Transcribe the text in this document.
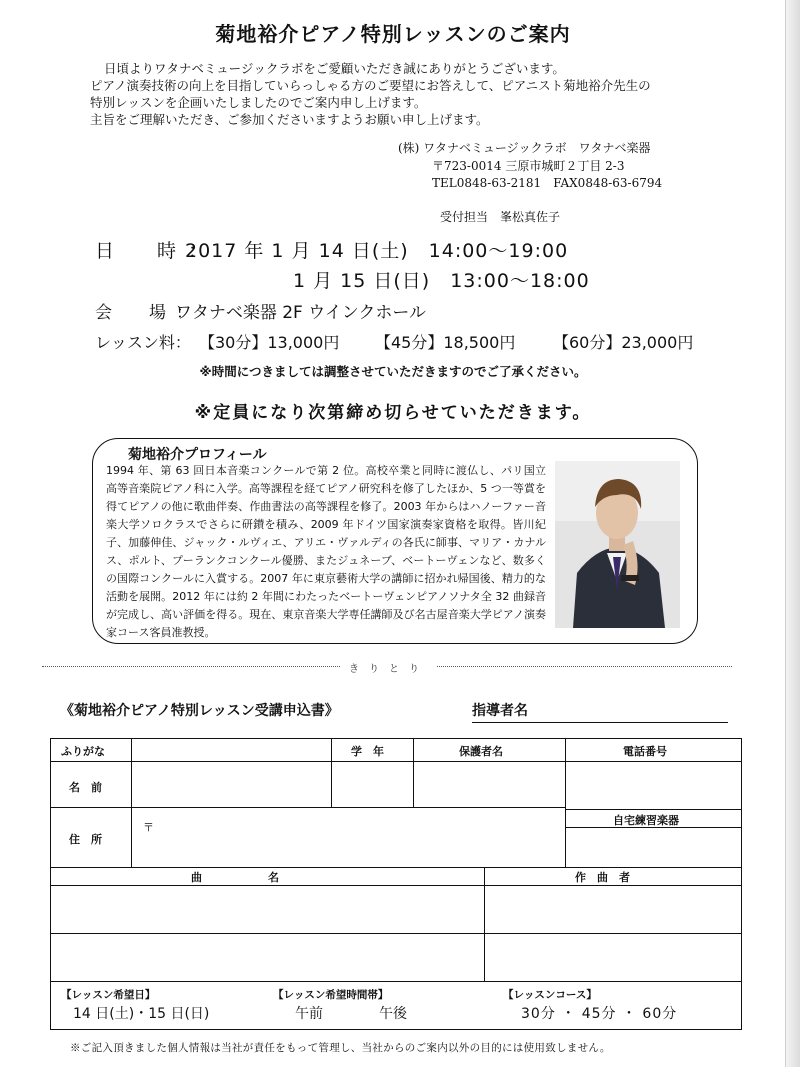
菊地裕介ピアノ特別レッスンのご案内

日頃よりワタナベミュージックラボをご愛顧いただき誠にありがとうございます。

ピアノ演奏技術の向上を目指していらっしゃる方のご要望にお答えして、ピアニスト菊地裕介先生の

特別レッスンを企画いたしましたのでご案内申し上げます。

主旨をご理解いただき、ご参加くださいますようお願い申し上げます。

(株) ワタナベミュージックラボ　ワタナベ楽器
〒723-0014 三原市城町２丁目 2-3
TEL0848-63-2181　FAX0848-63-6794
受付担当　峯松真佐子
日　時：2017 年 1 月 14 日(土)　14:00〜19:00
1 月 15 日(日)　13:00〜18:00
会　場：ワタナベ楽器 2F ウインクホール
レッスン料： 【30分】13,000円 【45分】18,500円 【60分】23,000円
※時間につきましては調整させていただきますのでご了承ください。
※定員になり次第締め切らせていただきます。
菊地裕介プロフィール
1994 年、第 63 回日本音楽コンクールで第 2 位。高校卒業と同時に渡仏し、パリ国立高等音楽院ピアノ科に入学。高等課程を経てピアノ研究科を修了したほか、5 つ一等賞を得てピアノの他に歌曲伴奏、作曲書法の高等課程を修了。2003 年からはハノーファー音楽大学ソロクラスでさらに研鑚を積み、2009 年ドイツ国家演奏家資格を取得。皆川紀子、加藤伸佳、ジャック・ルヴィエ、アリエ・ヴァルディの各氏に師事、マリア・カナルス、ポルト、プーランクコンクール優勝、またジュネーブ、ベートーヴェンなど、数多くの国際コンクールに入賞する。2007 年に東京藝術大学の講師に招かれ帰国後、精力的な活動を展開。2012 年には約 2 年間にわたったベートーヴェンピアノソナタ全 32 曲録音が完成し、高い評価を得る。現在、東京音楽大学専任講師及び名古屋音楽大学ピアノ演奏家コース客員准教授。
きりとり
《菊地裕介ピアノ特別レッスン受講申込書》	指導者名
ふりがな	学　年	保護者名	電話番号
名　前
住　所
〒
自宅練習楽器
曲　　　　　　名	作　曲　者
【レッスン希望日】
14 日(土)・15 日(日)
【レッスン希望時間帯】
午前	午後
【レッスンコース】
30分 ・ 45分 ・ 60分
※ご記入頂きました個人情報は当社が責任をもって管理し、当社からのご案内以外の目的には使用致しません。
